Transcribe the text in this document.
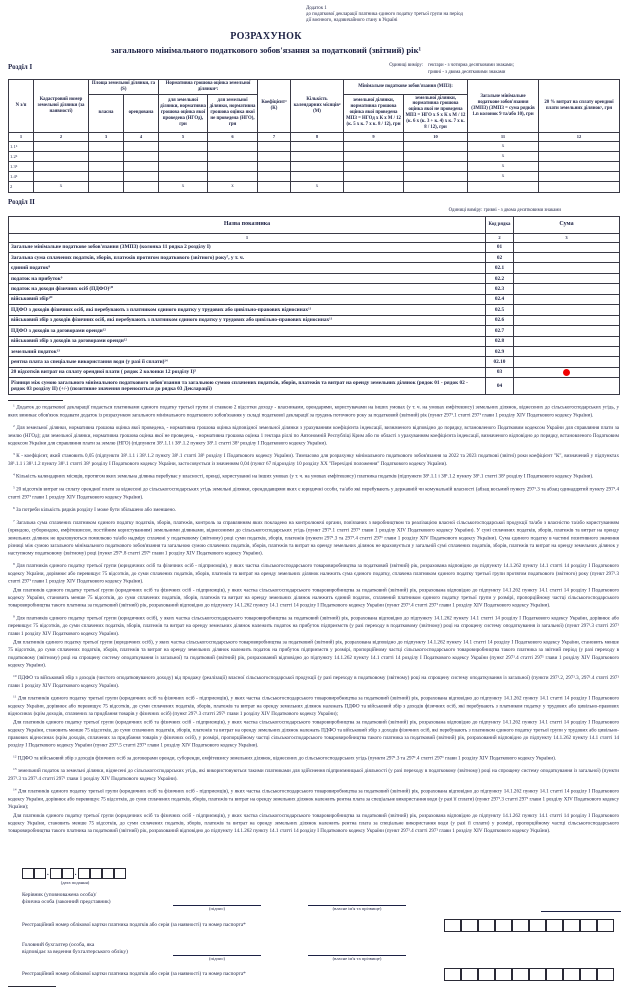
Додаток 1
до податкової декларації платника єдиного податку третьої групи на період
дії воєнного, надзвичайного стану в Україні
РОЗРАХУНОК
загального мінімального податкового зобов'язання за податковий (звітний) рік¹
Розділ I	Одиниці виміру: гектари - з чотирма десятковими знаками;
гривні - з двома десятковими знаками
N з/п	Кадастровий номер земельної ділянки (за наявності)	Площа земельної ділянки, га (S)		Нормативна грошова оцінка земельної ділянки²:		Коефіцієнт³ (К)	Кількість календарних місяців⁴ (М)	Мінімальне податкове зобов'язання (МПЗ):		Загальне мінімальне податкове зобов'язання (ЗМПЗ) (ЗМПЗ = сума рядків 1.n колонок 9 та/або 10), грн	20 % витрат на сплату орендної плати земельних ділянок⁵, грн
		власна	орендована	для земельної ділянки, нормативна грошова оцінка якої проведена (НГОд), грн	для земельної ділянки, нормативна грошова оцінка якої не проведена (НГО), грн			земельної ділянки, нормативна грошова оцінка якої проведена МПЗ = НГОд х К х М / 12 (к. 5 х к. 7 х к. 8 / 12), грн	земельної ділянки, нормативна грошова оцінка якої не проведена МПЗ = НГО х S х К х М / 12 (к. 6 х (к. 3 + к. 4) х к. 7 х к. 8 / 12), грн		
1	2	3	4	5	6	7	8	9	10	11	12
1.1⁶										х	
1.2⁶										х	
1.3⁶										х	
1.4⁶										х	
2	х			х	х		х				
Розділ II
Одиниці виміру: гривні - з двома десятковими знаками
Назва показника	Код рядка	Сума
1	2	3
Загальне мінімальне податкове зобов'язання (ЗМПЗ) (колонка 11 рядка 2 розділу I)	01	
Загальна сума сплачених податків, зборів, платежів протягом податкового (звітного) року⁷, у т. ч.	02	
єдиний податок⁸	02.1	
податок на прибуток⁹	02.2	
податок на доходи фізичних осіб (ПДФО)¹⁰	02.3	
військовий збір¹⁰	02.4	
ПДФО з доходів фізичних осіб, які перебувають з платником єдиного податку у трудових або цивільно-правових відносинах¹¹	02.5	
військовий збір з доходів фізичних осіб, які перебувають з платником єдиного податку у трудових або цивільно-правових відносинах¹¹	02.6	
ПДФО з доходів за договорами оренди¹²	02.7	
військовий збір з доходів за договорами оренди¹²	02.8	
земельний податок¹³	02.9	
рентна плата за спеціальне використання води (у разі її сплати)¹⁴	02.10	
20 відсотків витрат на сплату орендної плати ( рядок 2 колонки 12 розділу I)⁵	03	

Різниця між сумою загального мінімального податкового зобов'язання та загальною сумою сплачених податків, зборів, платежів та витрат на оренду земельних ділянок (рядок 01 - рядок 02 - рядок 03 розділу II) (+/-) (позитивне значення переноситься до рядка 03 Декларації)	04	

$^1$ Додаток до податкової декларації подається платниками єдиного податку третьої групи зі ставкою 2 відсотки доходу - власниками, орендарями, користувачами на інших умовах (у т. ч. на умовах емфітевзису) земельних ділянок, віднесених до сільськогосподарських угідь, у яких виникає обов'язок подавати додаток із розрахунком загального мінімального податкового зобов'язання у складі податкової декларації за грудень поточного року за податковий (звітний) рік (пункт 297¹.1 статті 297¹ глави 1 розділу XIV Податкового кодексу України).

$^2$ Для земельної ділянки, нормативна грошова оцінка якої проведена, - нормативна грошова оцінка відповідної земельної ділянки з урахуванням коефіцієнта індексації, визначеного відповідно до порядку, встановленого Податковим кодексом України для справляння плати за землю (НГОд); для земельної ділянки, нормативна грошова оцінка якої не проведена, - нормативна грошова оцінка 1 гектара ріллі по Автономній Республіці Крим або по області з урахуванням коефіцієнта індексації, визначеного відповідно до порядку, встановленого Податковим кодексом України для справляння плати за землю (НГО) (підпункти 38¹.1.1 і 38¹.1.2 пункту 38¹.1 статті 38¹ розділу I Податкового кодексу України).

$^3$ К - коефіцієнт, який становить 0,05 (підпункти 38¹.1.1 і 38¹.1.2 пункту 38¹.1 статті 38¹ розділу I Податкового кодексу України). Тимчасово для розрахунку мінімального податкового зобов'язання за 2022 та 2023 податкові (звітні) роки коефіцієнт "К", визначений у підпунктах 38¹.1.1 і 38¹.1.2 пункту 38¹.1 статті 38¹ розділу I Податкового кодексу України, застосовується із значенням 0,04 (пункт 67 підрозділу 10 розділу XX "Перехідні положення" Податкового кодексу України).

$^4$ Кількість календарних місяців, протягом яких земельна ділянка перебуває у власності, оренді, користуванні на інших умовах (у т. ч. на умовах емфітевзису) платника податків (підпункти 38¹.1.1 і 38¹.1.2 пункту 38¹.1 статті 38¹ розділу I Податкового кодексу України).

$^5$ 20 відсотків витрат на сплату орендної плати за віднесені до сільськогосподарських угідь земельні ділянки, орендодавцями яких є юридичні особи, та/або які перебувають у державній чи комунальній власності (абзац восьмий пункту 297¹.3 та абзац одинадцятий пункту 297¹.4 статті 297¹ глави 1 розділу XIV Податкового кодексу України).

$^6$ За потреби кількість рядків розділу I може бути збільшено або зменшено.

$^7$ Загальна сума сплачених платником єдиного податку податків, зборів, платежів, контроль за справлянням яких покладено на контролюючі органи, пов'язаних з виробництвом та реалізацією власної сільськогосподарської продукції та/або з власністю та/або користуванням (орендою, суборендою, емфітевзисом, постійним користуванням) земельними ділянками, віднесеними до сільськогосподарських угідь (пункт 297¹.1 статті 297¹ глави 1 розділу XIV Податкового кодексу України). У сумі сплачених податків, зборів, платежів та витрат на оренду земельних ділянок не враховуються помилково та/або надміру сплачені у податковому (звітному) році суми податків, зборів, платежів (пункти 297¹.3 та 297¹.4 статті 297¹ глави 1 розділу XIV Податкового кодексу України). Сума єдиного податку в частині позитивного значення різниці між сумою загального мінімального податкового зобов'язання та загальною сумою сплачених податків, зборів, платежів та витрат на оренду земельних ділянок не враховується у загальній сумі сплачених податків, зборів, платежів та витрат на оренду земельних ділянок у наступному податковому (звітному) році (пункт 297¹.8 статті 297¹ глави 1 розділу XIV Податкового кодексу України).

$^8$ Для платників єдиного податку третьої групи (юридичних осіб та фізичних осіб - підприємців), у яких частка сільськогосподарського товаровиробництва за податковий (звітний) рік, розрахована відповідно до підпункту 14.1.262 пункту 14.1 статті 14 розділу I Податкового кодексу України, дорівнює або перевищує 75 відсотків, до суми сплачених податків, зборів, платежів та витрат на оренду земельних ділянок належить сума єдиного податку, сплачена платником єдиного податку третьої групи протягом податкового (звітного) року (пункт 297¹.3 статті 297¹ глави 1 розділу XIV Податкового кодексу України).

Для платників єдиного податку третьої групи (юридичних осіб та фізичних осіб - підприємців), у яких частка сільськогосподарського товаровиробництва за податковий (звітний) рік, розрахована відповідно до підпункту 14.1.262 пункту 14.1 статті 14 розділу I Податкового кодексу України, становить менше 75 відсотків, до суми сплачених податків, зборів, платежів та витрат на оренду земельних ділянок належить єдиний податок, сплачений платником єдиного податку третьої групи у розмірі, пропорційному частці сільськогосподарського товаровиробництва такого платника за податковий (звітний) рік, розрахований відповідно до підпункту 14.1.262 пункту 14.1 статті 14 розділу I Податкового кодексу України (пункт 297¹.4 статті 297¹ глави 1 розділу XIV Податкового кодексу України).

$^9$ Для платників єдиного податку третьої групи (юридичних осіб), у яких частка сільськогосподарського товаровиробництва за податковий (звітний) рік, розрахована відповідно до підпункту 14.1.262 пункту 14.1 статті 14 розділу I Податкового кодексу України, дорівнює або перевищує 75 відсотків, до суми сплачених податків, зборів, платежів та витрат на оренду земельних ділянок належить податок на прибуток підприємств (у разі переходу в податковому (звітному) році на спрощену систему оподаткування із загальної) (пункт 297¹.3 статті 297¹ глави 1 розділу XIV Податкового кодексу України).

Для платників єдиного податку третьої групи (юридичних осіб), у яких частка сільськогосподарського товаровиробництва за податковий (звітний) рік, розрахована відповідно до підпункту 14.1.262 пункту 14.1 статті 14 розділу I Податкового кодексу України, становить менше 75 відсотків, до суми сплачених податків, зборів, платежів та витрат на оренду земельних ділянок належить податок на прибуток підприємств у розмірі, пропорційному частці сільськогосподарського товаровиробництва такого платника за звітний період (у разі переходу в податковому (звітному) році на спрощену систему оподаткування із загальної) та податковий (звітний) рік, розрахований відповідно до підпункту 14.1.262 пункту 14.1 статті 14 розділу I Податкового кодексу України (пункт 297¹.4 статті 297¹ глави 1 розділу XIV Податкового кодексу України).

$^{10}$ ПДФО та військовий збір з доходів (чистого оподатковуваного доходу) від продажу (реалізації) власної сільськогосподарської продукції (у разі переходу в податковому (звітному) році на спрощену систему оподаткування із загальної) (пункти 297¹.2, 297¹.3, 297¹.4 статті 297¹ глави 1 розділу XIV Податкового кодексу України).

$^{11}$ Для платників єдиного податку третьої групи (юридичних осіб та фізичних осіб - підприємців), у яких частка сільськогосподарського товаровиробництва за податковий (звітний) рік, розрахована відповідно до підпункту 14.1.262 пункту 14.1 статті 14 розділу I Податкового кодексу України, дорівнює або перевищує 75 відсотків, до суми сплачених податків, зборів, платежів та витрат на оренду земельних ділянок належать ПДФО та військовий збір з доходів фізичних осіб, які перебувають з платником податку у трудових або цивільно-правових відносинах (крім доходів, сплачених за придбання товарів у фізичних осіб) (пункт 297¹.3 статті 297¹ глави 1 розділу XIV Податкового кодексу України);

Для платників єдиного податку третьої групи (юридичних осіб та фізичних осіб - підприємців), у яких частка сільськогосподарського товаровиробництва за податковий (звітний) рік, розрахована відповідно до підпункту 14.1.262 пункту 14.1 статті 14 розділу I Податкового кодексу України, становить менше 75 відсотків, до суми сплачених податків, зборів, платежів та витрат на оренду земельних ділянок належать ПДФО та військовий збір з доходів фізичних осіб, які перебувають з платником єдиного податку третьої групи у трудових або цивільно-правових відносинах (крім доходів, сплачених за придбання товарів у фізичних осіб), у розмірі, пропорційному частці сільськогосподарського товаровиробництва такого платника за податковий (звітний) рік, розрахований відповідно до підпункту 14.1.262 пункту 14.1 статті 14 розділу I Податкового кодексу України (пункт 297¹.5 статті 297¹ глави 1 розділу XIV Податкового кодексу України).

$^{12}$ ПДФО та військовий збір з доходів фізичних осіб за договорами оренди, суборенди, емфітевзису земельних ділянок, віднесених до сільськогосподарських угідь (пункти 297¹.3 та 297¹.4 статті 297¹ глави 1 розділу XIV Податкового кодексу України).

$^{13}$ земельний податок за земельні ділянки, віднесені до сільськогосподарських угідь, які використовуються такими платниками для здійснення підприємницької діяльності (у разі переходу в податковому (звітному) році на спрощену систему оподаткування із загальної) (пункти 297¹.3 та 297¹.4 статті 297¹ глави 1 розділу XIV Податкового кодексу України).

$^{14}$ Для платників єдиного податку третьої групи (юридичних осіб та фізичних осіб - підприємців), у яких частка сільськогосподарського товаровиробництва за податковий (звітний) рік, розрахована відповідно до підпункту 14.1.262 пункту 14.1 статті 14 розділу I Податкового кодексу України, дорівнює або перевищує 75 відсотків, до суми сплачених податків, зборів, платежів та витрат на оренду земельних ділянок належить рентна плата за спеціальне використання води (у разі її сплати) (пункт 297¹.3 статті 297¹ глави 1 розділу XIV Податкового кодексу України);

Для платників єдиного податку третьої групи (юридичних осіб та фізичних осіб - підприємців), у яких частка сільськогосподарського товаровиробництва за податковий (звітний) рік, розрахована відповідно до підпункту 14.1.262 пункту 14.1 статті 14 розділу I Податкового кодексу України, становить менше 75 відсотків, до суми сплачених податків, зборів, платежів та витрат на оренду земельних ділянок належить рентна плата за спеціальне використання води (у разі її сплати) у розмірі, пропорційному частці сільськогосподарського товаровиробництва такого платника за податковий (звітний) рік, розрахований відповідно до підпункту 14.1.262 пункту 14.1 статті 14 розділу I Податкового кодексу України (пункт 297¹.4 статті 297¹ глави 1 розділу XIV Податкового кодексу України).

.	.
(дата подання)
Керівник (уповноважена особа)/
фізична особа (законний представник)
(підпис)	(власне ім'я та прізвище)
Реєстраційний номер облікової картки платника податків або серія (за наявності) та номер паспорта*
Головний бухгалтер (особа, яка
відповідає за ведення бухгалтерського обліку)
(підпис)	(власне ім'я та прізвище)
Реєстраційний номер облікової картки платника податків або серія (за наявності) та номер паспорта*
